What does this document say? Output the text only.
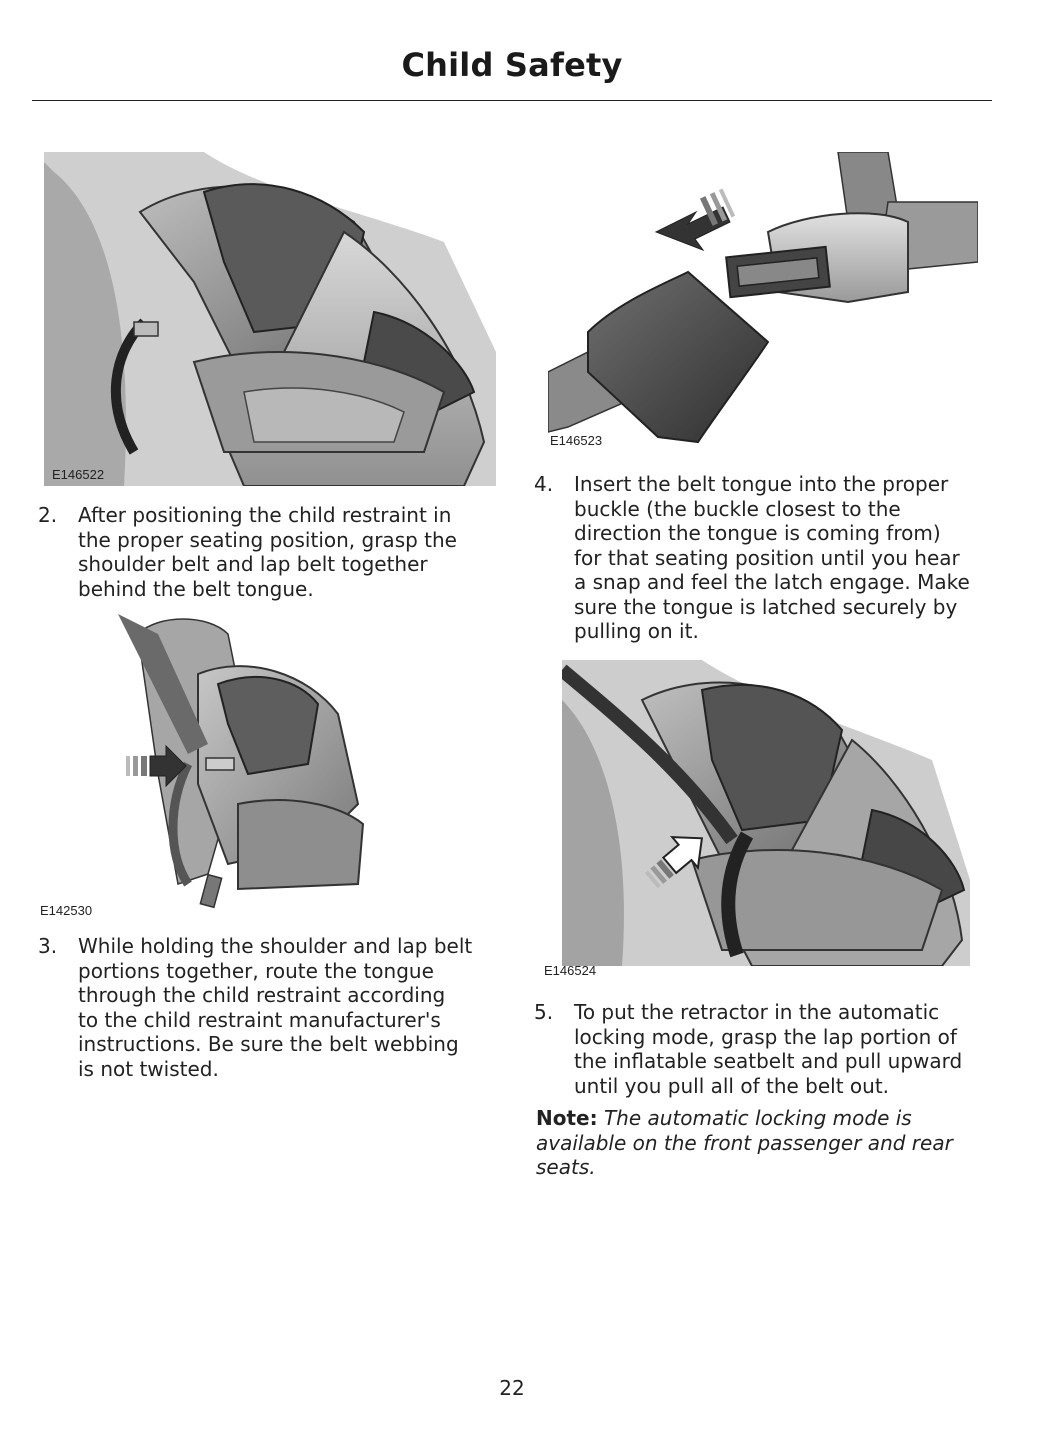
Child Safety
E146522
E146523
E142530
E146524
2. After positioning the child restraint in
the proper seating position, grasp the
shoulder belt and lap belt together
behind the belt tongue.
3. While holding the shoulder and lap belt
portions together, route the tongue
through the child restraint according
to the child restraint manufacturer's
instructions. Be sure the belt webbing
is not twisted.
4. Insert the belt tongue into the proper
buckle (the buckle closest to the
direction the tongue is coming from)
for that seating position until you hear
a snap and feel the latch engage. Make
sure the tongue is latched securely by
pulling on it.
5. To put the retractor in the automatic
locking mode, grasp the lap portion of
the inflatable seatbelt and pull upward
until you pull all of the belt out.
Note: The automatic locking mode is
available on the front passenger and rear
seats.
22
